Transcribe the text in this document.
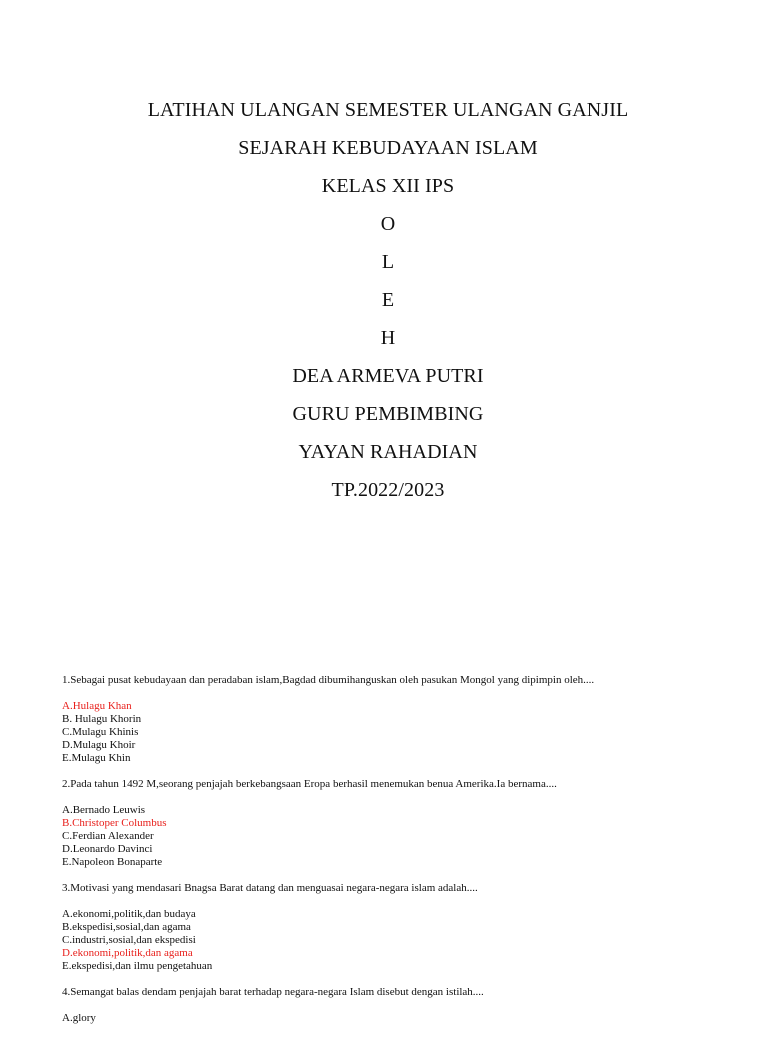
LATIHAN ULANGAN SEMESTER ULANGAN GANJIL
SEJARAH KEBUDAYAAN ISLAM
KELAS XII IPS
O
L
E
H
DEA ARMEVA PUTRI
GURU PEMBIMBING
YAYAN RAHADIAN
TP.2022/2023
1.Sebagai pusat kebudayaan dan peradaban islam,Bagdad dibumihanguskan oleh pasukan Mongol yang dipimpin oleh....
A.Hulagu Khan
B. Hulagu Khorin
C.Mulagu Khinis
D.Mulagu Khoir
E.Mulagu Khin
2.Pada tahun 1492 M,seorang penjajah berkebangsaan Eropa berhasil menemukan benua Amerika.Ia bernama....
A.Bernado Leuwis
B.Christoper Columbus
C.Ferdian Alexander
D.Leonardo Davinci
E.Napoleon Bonaparte
3.Motivasi yang mendasari Bnagsa Barat datang dan menguasai negara-negara islam adalah....
A.ekonomi,politik,dan budaya
B.ekspedisi,sosial,dan agama
C.industri,sosial,dan ekspedisi
D.ekonomi,politik,dan agama
E.ekspedisi,dan ilmu pengetahuan
4.Semangat balas dendam penjajah barat terhadap negara-negara Islam disebut dengan istilah....
A.glory
